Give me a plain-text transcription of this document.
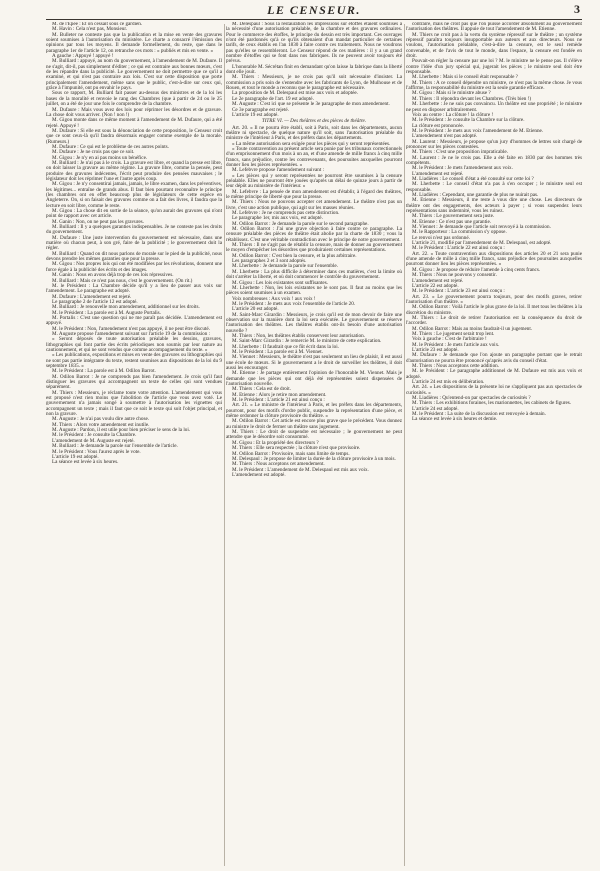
LE CENSEUR.	3

M. de l'Épée : Et on cessait sous ce gardien.

M. Havin : Cela n'est pas, Monsieur.

M. Bulleter ne conteste pas que la publication et la mise en vente des gravures soient soumises à l'autorisation du ministère. Le charte a consacré l'émission des opinions par tous les moyens. Il demande formellement, du reste, que dans le paragraphe 1er de l'article 12, on retranche ces mots : « publiés et mis en vente. »

A gauche : Appuyé ! appuyé !

M. Bulliard : appuyé, au nom du gouvernement, à l'amendement de M. Dufaure. Il ne s'agit, dit-il, pas simplement d'éditer ; ce qui est contraire aux bonnes mœurs, c'est de les répandre dans la publicité. Le gouvernement ne doit permettre que ce qu'il a examiné, et qui n'est pas contraire aux lois. C'est sur cette disposition que porte principalement l'amendement, même sans que le public, c'est-à-dire sur ceux qui, grâce à l'impunité, ont pu envahir le pays.

Sous ce rapport, M. Bulliard fait passer au-dessus des ministres et de la loi les bases de la moralité et renvoie le rang des Chambres (que à partir de 24 ou le 25 juillet, on a été de jour une fois le comprendre de la chambre.

M. Dufaure : Mais vous avez des lois pour réprimer les désordres et de gravure. La chose doit vous arriver. (Non ! non !)

M. Gigou monte dans ce même moment à l'amendement de M. Dufaure, qui a été rejeté. Appuyé !

M. Dufaure : Si elle est sous la dénonciation de cette proposition, le Censeur croit que ce sont ceux-là qu'il faudra désormais engager comme exemple de la morale. (Rumeurs.)

M. Dufaure : Ce qui est le problème de ces autres points.

M. Dufaure : Je ne crois pas que ce soit.

M. Gigou : Je n'y en ai pas moins un bénéfice.

M. Bulliard : Je n'ai pas à le crois. La gravure est libre, et quand la presse est libre, on doit laisser la gravure au même régime. La gravure libre, comme la pensée, peut produire des gravures indécentes, l'écrit peut produire des pensées mauvaises ; le législateur doit les réprimer l'une et l'autre après coup.

M. Gigou : Je n'y consentirai jamais, jamais, le libre examen, dans les préventives, les légitimes... entraîne de grands abus. Il faut bien pourtant reconnaître le principe (les chambres ont en effet beaucoup plus de législateurs de cette espèce en Angleterre. On, si on faisait des gravures comme on a fait des livres, il faudra que la lecture en soit libre, comme le reste.

M. Gigou : La chose dit en sortie de la séance, qu'on aurait des gravures qui n'ont point de rapport avec cet article.

M. Ganin : Non, on ne peut pas les gravures.

M. Bulliard : Il y a quelques garanties indispensables. Je ne conteste pas les droits du gouvernement.

M. Dufaure : Une juste intervention du gouvernement est nécessaire, dans une matière où chacun peut, à son gré, faire de la publicité ; le gouvernement doit la régler.

M. Bulliard : Quand on dit nous parlons de morale sur le pied de la publicité, nous devons prendre les mêmes garanties que pour la presse.

M. Gigou : Nos propres lois qui ont été modifiées par les révolutions, donnent une force égale à la publicité des écrits et des images.

M. Ganin : Nous en avons déjà trop de ces lois répressives.

M. Bulliard : Mais ce n'est pas nous, c'est le gouvernement. (On rit.)

M. le Président : La Chambre décide qu'il y a lieu de passer aux voix sur l'amendement. Le paragraphe est adopté.

M. Dufaure : L'amendement est rejeté.

Le paragraphe 2 de l'article 12 est adopté.

M. Bulliard : Je renouvelle mon amendement, additionnel sur les droits.

M. le Président : La parole est à M. Auguste Portalis.

M. Portalis : C'est une question qui ne me paraît pas décidée. L'amendement est appuyé.

M. le Président : Non, l'amendement n'est pas appuyé, il ne peut être discuté.

M. Auguste propose l'amendement suivant sur l'article 19 de la commission :

« Seront déposés de toute autorisation préalable les dessins, gravures, lithographies qui font partie des écrits périodiques non soumis par leur nature au cautionnement, et qui ne sont vendus que comme accompagnement du texte. »

« Les publications, expositions et mises en vente des gravures ou lithographies qui ne sont pas partie intégrante du texte, restent soumises aux dispositions de la loi du 9 septembre 1835. »

M. le Président : La parole est à M. Odilon Barrot.

M. Odilon Barrot : Je ne comprends pas bien l'amendement. Je crois qu'il faut distinguer les gravures qui accompagnent un texte de celles qui sont vendues séparément.

M. Thiers : Messieurs, je réclame toute votre attention. L'amendement qui vous est proposé n'est rien moins que l'abolition de l'article que vous avez voté. Le gouvernement n'a jamais songé à soumettre à l'autorisation les vignettes qui accompagnent un texte ; mais il faut que ce soit le texte qui soit l'objet principal, et non la gravure.

M. Auguste : Je n'ai pas voulu dire autre chose.

M. Thiers : Alors votre amendement est inutile.

M. Auguste : Pardon, il est utile pour bien préciser le sens de la loi.

M. le Président : Je consulte la Chambre.

L'amendement de M. Auguste est rejeté.

M. Bulliard : Je demande la parole sur l'ensemble de l'article.

M. le Président : Vous l'aurez après le vote.

L'article 19 est adopté.

La séance est levée à six heures.

M. Delespaul : Sous la restauration les impressions sur étoffes étaient soumises à la nécessité d'une autorisation préalable, de la chambre et des gravures ordinaires. Pour le commerce des étoffes, le principe du dessin est très important. Ces ouvrages n'ont été pardonnés qu'à ce qu'ils obtenaient d'un mandat particulier de certaines tarifs, de ceux établis en l'an 1830 à faire contre ces traitements. Nous ne voudrons pas qu'elles se ressembleront. Le Censeur répond de ces matières : il y a un grand nombre d'étoffes qui se font dans nos fabriques. Ils ne peuvent avoir toujours été prévus.

L'honorable M. Sécrétan finit en demandant qu'on laisse la fabrique dans la liberté dont elle jouit.

M. Thiers : Messieurs, je ne crois pas qu'il soit nécessaire d'insister. La commission a pris soin de s'entendre avec les fabricants de Lyon, de Mulhouse et de Rouen, et tout le monde a reconnu que le paragraphe est nécessaire.

La proposition de M. Delespaul est mise aux voix et adoptée.

Le 2e paragraphe de l'art. 19 est adopté.

M. Auguste : C'est ici que se présente le 3e paragraphe de mon amendement.

Ce 3e paragraphe est rejeté.

L'article 19 est adopté.

TITRE VI. — Des théâtres et des pièces de théâtre.

Art. 20. « Il ne pourra être établi, soit à Paris, soit dans les départements, aucun théâtre ni spectacle, de quelque nature qu'il soit, sans l'autorisation préalable du ministre de l'intérieur à Paris, et des préfets dans les départements.

« La même autorisation sera exigée pour les pièces qui y seront représentées.

« Toute contravention au présent article sera punie par les tribunaux correctionnels d'un emprisonnement d'un mois à un an, et d'une amende de mille francs à cinq mille francs, sans préjudice, contre les contrevenants, des poursuites auxquelles pourront donner lieu les pièces représentées. »

M. Lefebvre propose l'amendement suivant :

« Les pièces qui y seront représentées ne pourront être soumises à la censure préalable. Elles ne pourront être jouées qu'après un délai de quinze jours à partir de leur dépôt au ministère de l'intérieur. »

M. Lefebvre : La pensée de mon amendement est d'établir, à l'égard des théâtres, le même principe de liberté que pour la presse.

M. Thiers : Nous ne pouvons accepter cet amendement. Le théâtre n'est pas un livre, c'est une action publique, qui agit sur les masses réunies.

M. Lefebvre : Je ne comprends pas cette distinction.

Le paragraphe 1er, mis aux voix, est adopté.

M. Odilon Barrot : Je demande la parole sur le second paragraphe.

M. Odilon Barrot : J'ai une grave objection à faire contre ce paragraphe. La censure préalable des pièces de théâtre était abolie par la charte de 1830 ; vous la rétablissez. C'est une véritable contradiction avec le principe de notre gouvernement.

M. Thiers : Il ne s'agit pas de rétablir la censure, mais de donner au gouvernement le moyen d'empêcher les désordres que produiraient certaines représentations.

M. Odilon Barrot : C'est bien la censure, et la plus arbitraire.

Les paragraphes 2 et 3 sont adoptés.

M. Lherbette : Je demande la parole sur l'ensemble.

M. Lherbette : La plus difficile à déterminer dans ces matières, c'est la limite où doit s'arrêter la liberté, et où doit commencer le contrôle du gouvernement.

M. Gigou : Les lois existantes sont suffisantes.

M. Lherbette : Non, les lois existantes ne le sont pas. Il faut au moins que les pièces soient soumises à un examen.

Voix nombreuses : Aux voix ! aux voix !

M. le Président : Je mets aux voix l'ensemble de l'article 20.

L'article 20 est adopté.

M. Saint-Marc Girardin : Messieurs, je crois qu'il est de mon devoir de faire une observation sur la manière dont la loi sera exécutée. Le gouvernement se réserve l'autorisation des théâtres. Les théâtres établis ont-ils besoin d'une autorisation nouvelle ?

M. Thiers : Non, les théâtres établis conservent leur autorisation.

M. Saint-Marc Girardin : Je remercie M. le ministre de cette explication.

M. Lherbette : Il faudrait que ce fût écrit dans la loi.

M. le Président : La parole est à M. Viennet.

M. Viennet : Messieurs, le théâtre n'est pas seulement un lieu de plaisir, il est aussi une école de mœurs. Si le gouvernement a le droit de surveiller les théâtres, il doit aussi les encourager.

M. Etienne : Je partage entièrement l'opinion de l'honorable M. Viennet. Mais je demande que les pièces qui ont déjà été représentées soient dispensées de l'autorisation nouvelle.

M. Thiers : Cela est de droit.

M. Etienne : Alors je retire mon amendement.

M. le Président : L'article 21 est ainsi conçu :

Art. 21. « Le ministre de l'intérieur à Paris, et les préfets dans les départements, pourront, pour des motifs d'ordre public, suspendre la représentation d'une pièce, et même ordonner la clôture provisoire du théâtre. »

M. Odilon Barrot : Cet article est encore plus grave que le précédent. Vous donnez au ministre le droit de fermer un théâtre sans jugement.

M. Thiers : Le droit de suspendre est nécessaire ; le gouvernement ne peut attendre que le désordre soit consommé.

M. Gigou : Et la propriété des directeurs ?

M. Thiers : Elle sera respectée ; la clôture n'est que provisoire.

M. Odilon Barrot : Provisoire, mais sans limite de temps.

M. Delespaul : Je propose de limiter la durée de la clôture provisoire à un mois.

M. Thiers : Nous acceptons cet amendement.

M. le Président : L'amendement de M. Delespaul est mis aux voix.

L'amendement est adopté.

contraire, mais ne croit pas que l'on puisse accorder absolument au gouvernement l'autorisation des théâtres. Il appuie de tout l'amendement de M. Etienne.

M. Thiers ne croit pas à la vertu du système répressif sur le théâtre ; un système répressif paraîtra toujours insupportable aux auteurs et aux directeurs. Nous ne voulons, l'autorisation préalable, c'est-à-dire la censure, est le seul remède convenable, et de l'avis de tout le monde, dans l'espace, la censure est fondée en droit.

Pouvait-on régler la censure par une loi ? M. le ministre ne le pense pas. Il s'élève contre l'idée d'un jury spécial qui, jugerait les pièces ; le ministre seul doit être responsable.

M. Lherbette : Mais si le conseil était responsable ?

M. Thiers : A ce conseil dépendre un ministre, ce n'est pas la même chose. Je vous l'affirme, la responsabilité du ministre est la seule garantie efficace.

M. Gigou : Mais si le ministre abuse ?

M. Thiers : Il répondra devant les Chambres. (Très bien !)

M. Lherbette : Je ne suis pas convaincu. Un théâtre est une propriété ; le ministre ne peut en disposer arbitrairement.

Voix au centre : La clôture ! la clôture !

M. le Président : Je consulte la Chambre sur la clôture.

La clôture est prononcée.

M. le Président : Je mets aux voix l'amendement de M. Etienne.

L'amendement n'est pas adopté.

M. Laurent : Messieurs, je propose qu'un jury d'hommes de lettres soit chargé de prononcer sur les pièces contestées.

M. Thiers : C'est une proposition impraticable.

M. Laurent : Je ne le crois pas. Elle a été faite en 1830 par des hommes très compétents.

M. le Président : Je mets l'amendement aux voix.

L'amendement est rejeté.

M. Liadières : Le conseil d'état a été consulté sur cette loi ?

M. Lherbette : Le conseil d'état n'a pas à s'en occuper ; le ministre seul est responsable.

M. Liadières : Cependant, une garantie de plus ne nuirait pas.

M. Etienne : Messieurs, il me reste à vous dire une chose. Les directeurs de théâtre ont des engagements, des acteurs à payer ; si vous suspendez leurs représentations sans indemnité, vous les ruinez.

M. Thiers : Le gouvernement sera juste.

M. Etienne : Ce n'est pas une garantie.

M. Viennet : Je demande que l'article soit renvoyé à la commission.

M. le Rapporteur : La commission s'y oppose.

Le renvoi n'est pas ordonné.

L'article 21, modifié par l'amendement de M. Delespaul, est adopté.

M. le Président : L'article 22 est ainsi conçu :

Art. 22. « Toute contravention aux dispositions des articles 20 et 21 sera punie d'une amende de mille à cinq mille francs, sans préjudice des poursuites auxquelles pourront donner lieu les pièces représentées. »

M. Gigou : Je propose de réduire l'amende à cinq cents francs.

M. Thiers : Nous ne pouvons y consentir.

L'amendement est rejeté.

L'article 22 est adopté.

M. le Président : L'article 23 est ainsi conçu :

Art. 23. « Le gouvernement pourra toujours, pour des motifs graves, retirer l'autorisation d'un théâtre. »

M. Odilon Barrot : Voilà l'article le plus grave de la loi. Il met tous les théâtres à la discrétion du ministre.

M. Thiers : Le droit de retirer l'autorisation est la conséquence du droit de l'accorder.

M. Odilon Barrot : Mais au moins faudrait-il un jugement.

M. Thiers : Le jugement serait trop lent.

Voix à gauche : C'est de l'arbitraire !

M. le Président : Je mets l'article aux voix.

L'article 23 est adopté.

M. Dufaure : Je demande que l'on ajoute un paragraphe portant que le retrait d'autorisation ne pourra être prononcé qu'après avis du conseil d'état.

M. Thiers : Nous acceptons cette addition.

M. le Président : Le paragraphe additionnel de M. Dufaure est mis aux voix et adopté.

L'article 24 est mis en délibération.

Art. 24. « Les dispositions de la présente loi ne s'appliquent pas aux spectacles de curiosités. »

M. Liadières : Qu'entend-on par spectacles de curiosités ?

M. Thiers : Les exhibitions foraines, les marionnettes, les cabinets de figures.

L'article 24 est adopté.

M. le Président : La suite de la discussion est renvoyée à demain.

La séance est levée à six heures et demie.
